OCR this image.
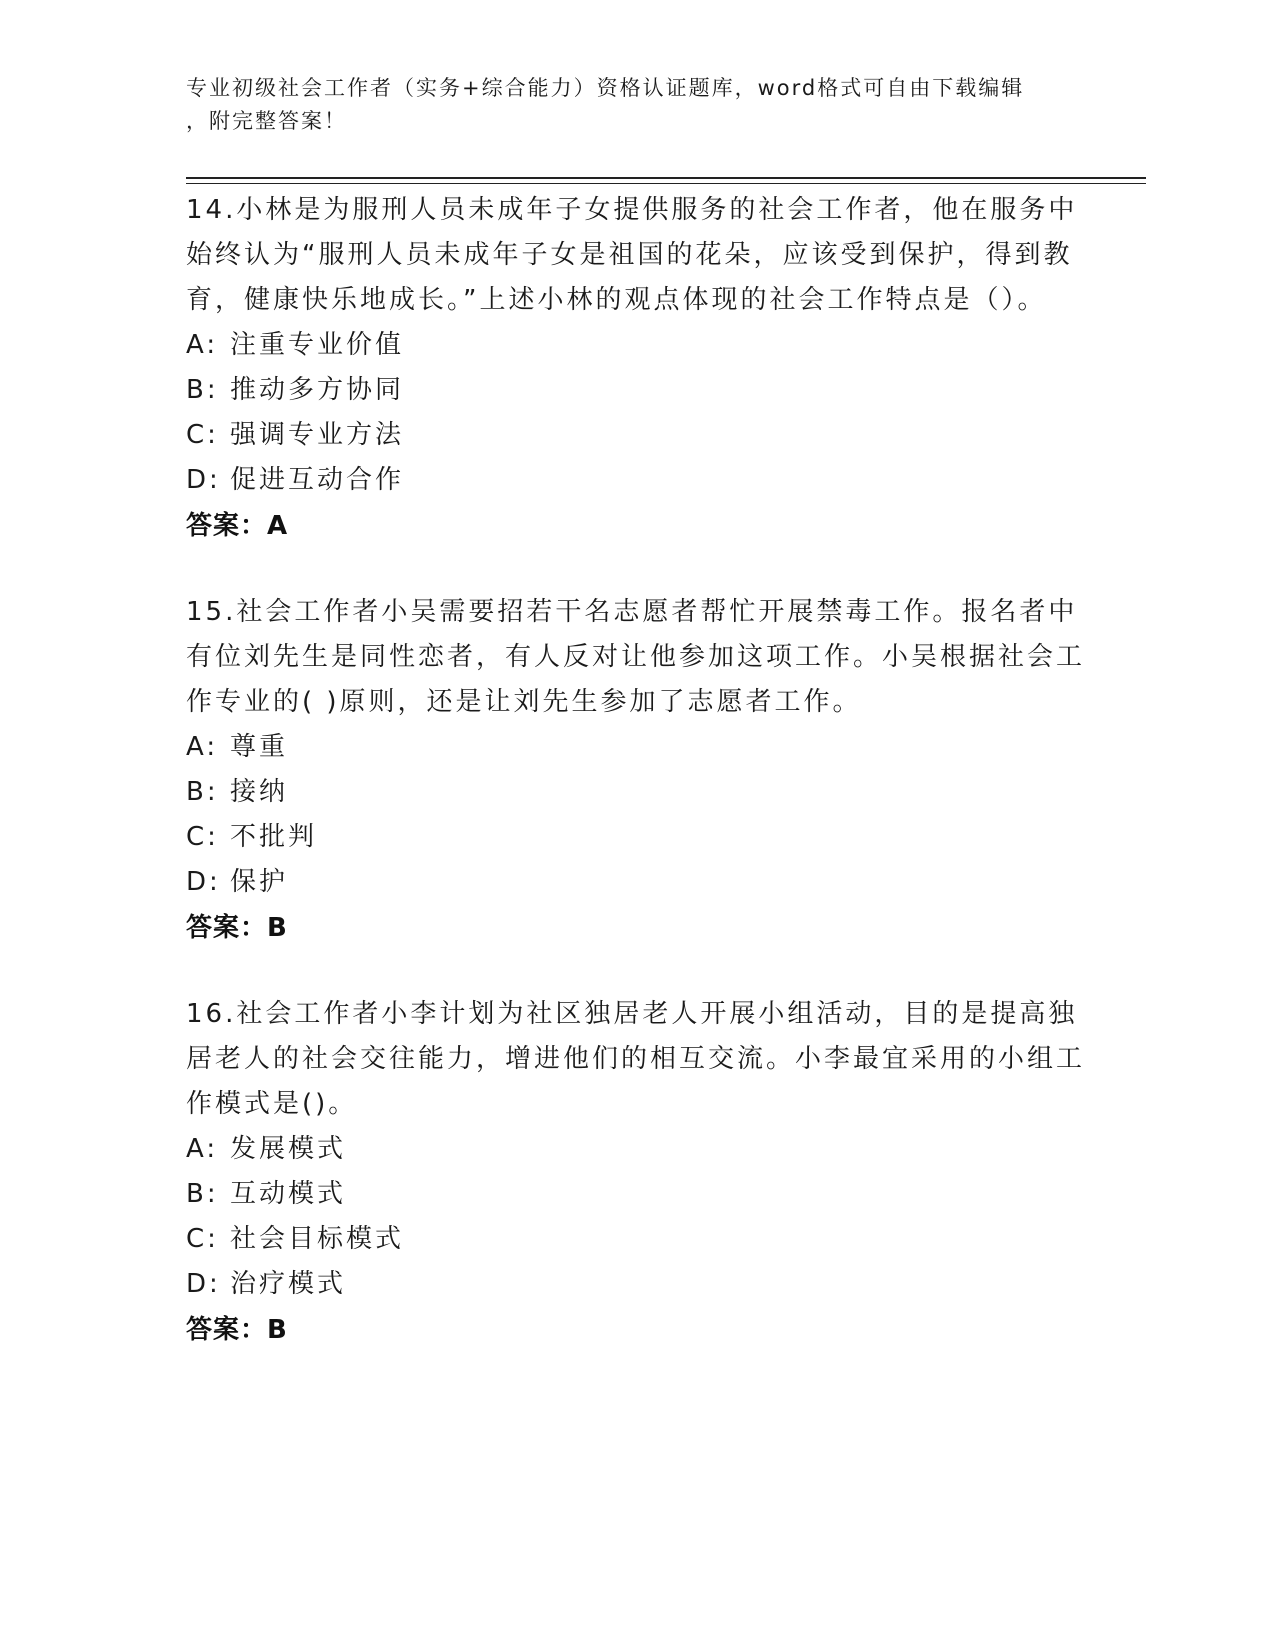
专业初级社会工作者（实务+综合能力）资格认证题库，word格式可自由下载编辑
，附完整答案！
14.小林是为服刑人员未成年子女提供服务的社会工作者，他在服务中始终认为“服刑人员未成年子女是祖国的花朵，应该受到保护，得到教育，健康快乐地成长。”上述小林的观点体现的社会工作特点是（）。
A: 注重专业价值
B: 推动多方协同
C: 强调专业方法
D: 促进互动合作
答案：A
15.社会工作者小吴需要招若干名志愿者帮忙开展禁毒工作。报名者中有位刘先生是同性恋者，有人反对让他参加这项工作。小吴根据社会工作专业的( )原则，还是让刘先生参加了志愿者工作。
A: 尊重
B: 接纳
C: 不批判
D: 保护
答案：B
16.社会工作者小李计划为社区独居老人开展小组活动，目的是提高独居老人的社会交往能力，增进他们的相互交流。小李最宜采用的小组工作模式是()。
A: 发展模式
B: 互动模式
C: 社会目标模式
D: 治疗模式
答案：B
